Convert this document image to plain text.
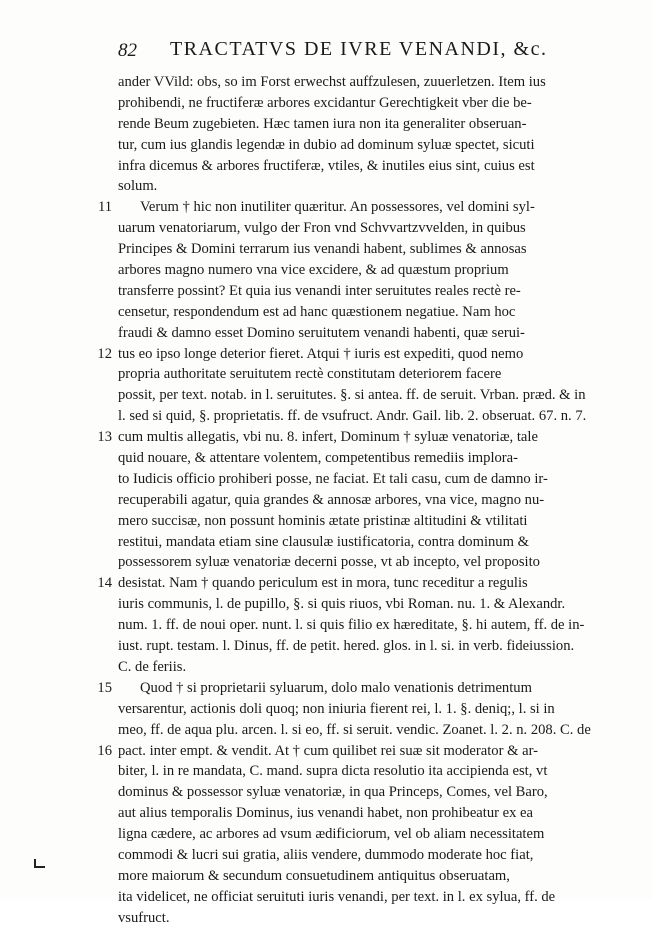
82 TRACTATVS DE IVRE VENANDI, &c.
ander VVild: obs, so im Forst erwechst auffzulesen, zuuerletzen. Item ius
prohibendi, ne fructiferæ arbores excidantur Gerechtigkeit vber die be-
rende Beum zugebieten. Hæc tamen iura non ita generaliter obseruan-
tur, cum ius glandis legendæ in dubio ad dominum syluæ spectet, sicuti
infra dicemus & arbores fructiferæ, vtiles, & inutiles eius sint, cuius est
solum.
11 Verum † hic non inutiliter quæritur. An possessores, vel domini syl-
uarum venatoriarum, vulgo der Fron vnd Schvvartzvvelden, in quibus
Principes & Domini terrarum ius venandi habent, sublimes & annosas
arbores magno numero vna vice excidere, & ad quæstum proprium
transferre possint? Et quia ius venandi inter seruitutes reales rectè re-
censetur, respondendum est ad hanc quæstionem negatiue. Nam hoc
fraudi & damno esset Domino seruitutem venandi habenti, quæ serui-
12 tus eo ipso longe deterior fieret. Atqui † iuris est expediti, quod nemo
propria authoritate seruitutem rectè constitutam deteriorem facere
possit, per text. notab. in l. seruitutes. §. si antea. ff. de seruit. Vrban. præd. & in
l. sed si quid, §. proprietatis. ff. de vsufruct. Andr. Gail. lib. 2. obseruat. 67. n. 7.
13 cum multis allegatis, vbi nu. 8. infert, Dominum † syluæ venatoriæ, tale
quid nouare, & attentare volentem, competentibus remediis implora-
to Iudicis officio prohiberi posse, ne faciat. Et tali casu, cum de damno ir-
recuperabili agatur, quia grandes & annosæ arbores, vna vice, magno nu-
mero succisæ, non possunt hominis ætate pristinæ altitudini & vtilitati
restitui, mandata etiam sine clausulæ iustificatoria, contra dominum &
possessorem syluæ venatoriæ decerni posse, vt ab incepto, vel proposito
14 desistat. Nam † quando periculum est in mora, tunc receditur a regulis
iuris communis, l. de pupillo, §. si quis riuos, vbi Roman. nu. 1. & Alexandr.
num. 1. ff. de noui oper. nunt. l. si quis filio ex hæreditate, §. hi autem, ff. de in-
iust. rupt. testam. l. Dinus, ff. de petit. hered. glos. in l. si. in verb. fideiussion.
C. de feriis.
15 Quod † si proprietarii syluarum, dolo malo venationis detrimentum
versarentur, actionis doli quoq; non iniuria fierent rei, l. 1. §. deniq;, l. si in
meo, ff. de aqua plu. arcen. l. si eo, ff. si seruit. vendic. Zoanet. l. 2. n. 208. C. de
16 pact. inter empt. & vendit. At † cum quilibet rei suæ sit moderator & ar-
biter, l. in re mandata, C. mand. supra dicta resolutio ita accipienda est, vt
dominus & possessor syluæ venatoriæ, in qua Princeps, Comes, vel Baro,
aut alius temporalis Dominus, ius venandi habet, non prohibeatur ex ea
ligna cædere, ac arbores ad vsum ædificiorum, vel ob aliam necessitatem
commodi & lucri sui gratia, aliis vendere, dummodo moderate hoc fiat,
more maiorum & secundum consuetudinem antiquitus obseruatam,
ita videlicet, ne officiat seruituti iuris venandi, per text. in l. ex sylua, ff. de
vsufruct.
